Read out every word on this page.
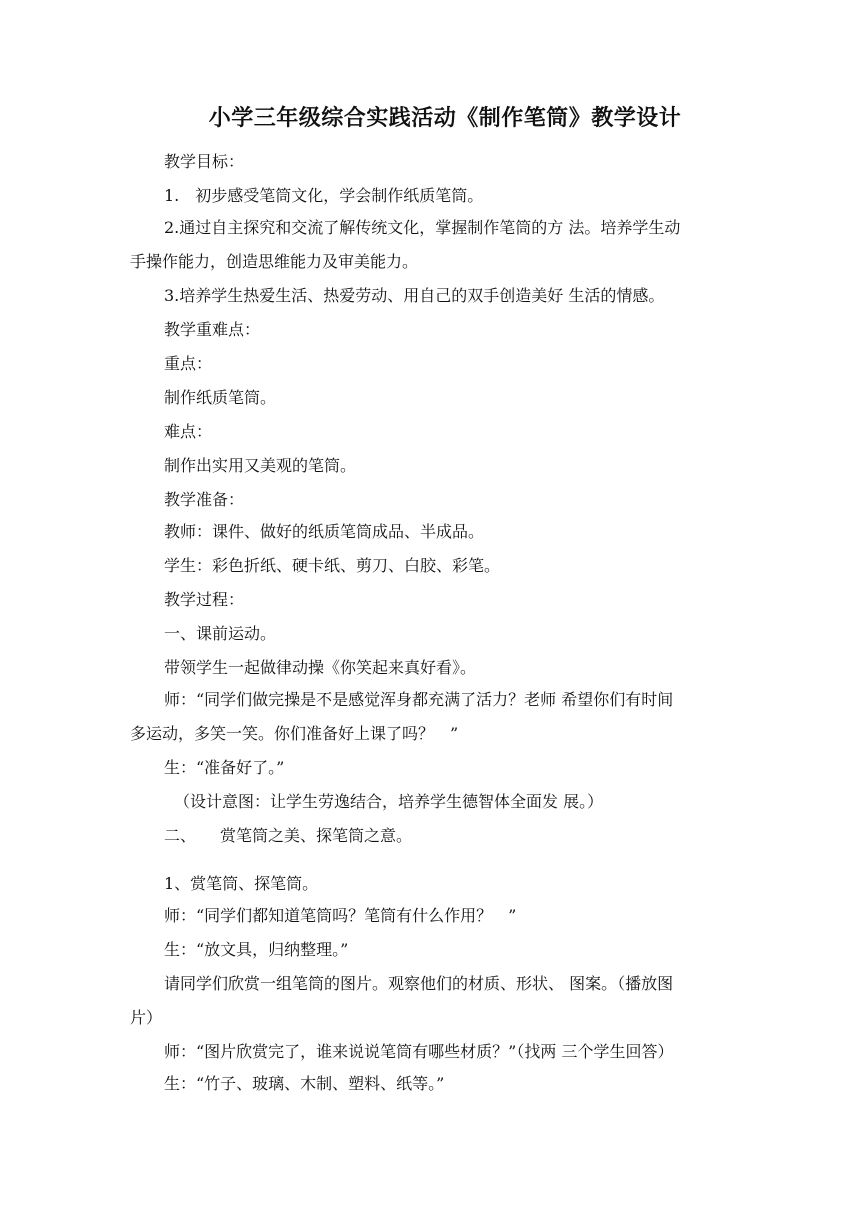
小学三年级综合实践活动《制作笔筒》教学设计
教学目标：
1.　初步感受笔筒文化，学会制作纸质笔筒。
2.通过自主探究和交流了解传统文化，掌握制作笔筒的方 法。培养学生动
手操作能力，创造思维能力及审美能力。
3.培养学生热爱生活、热爱劳动、用自己的双手创造美好 生活的情感。
教学重难点：
重点：
制作纸质笔筒。
难点：
制作出实用又美观的笔筒。
教学准备：
教师：课件、做好的纸质笔筒成品、半成品。
学生：彩色折纸、硬卡纸、剪刀、白胶、彩笔。
教学过程：
一、课前运动。
带领学生一起做律动操《你笑起来真好看》。
师：“同学们做完操是不是感觉浑身都充满了活力？老师 希望你们有时间
多运动，多笑一笑。你们准备好上课了吗？　”
生：“准备好了。”
（设计意图：让学生劳逸结合，培养学生德智体全面发 展。）
二、　　赏笔筒之美、探笔筒之意。
1、赏笔筒、探笔筒。
师：“同学们都知道笔筒吗？笔筒有什么作用？　”
生：“放文具，归纳整理。”
请同学们欣赏一组笔筒的图片。观察他们的材质、形状、 图案。（播放图
片）
师：“图片欣赏完了，谁来说说笔筒有哪些材质？”（找两 三个学生回答）
生：“竹子、玻璃、木制、塑料、纸等。”
